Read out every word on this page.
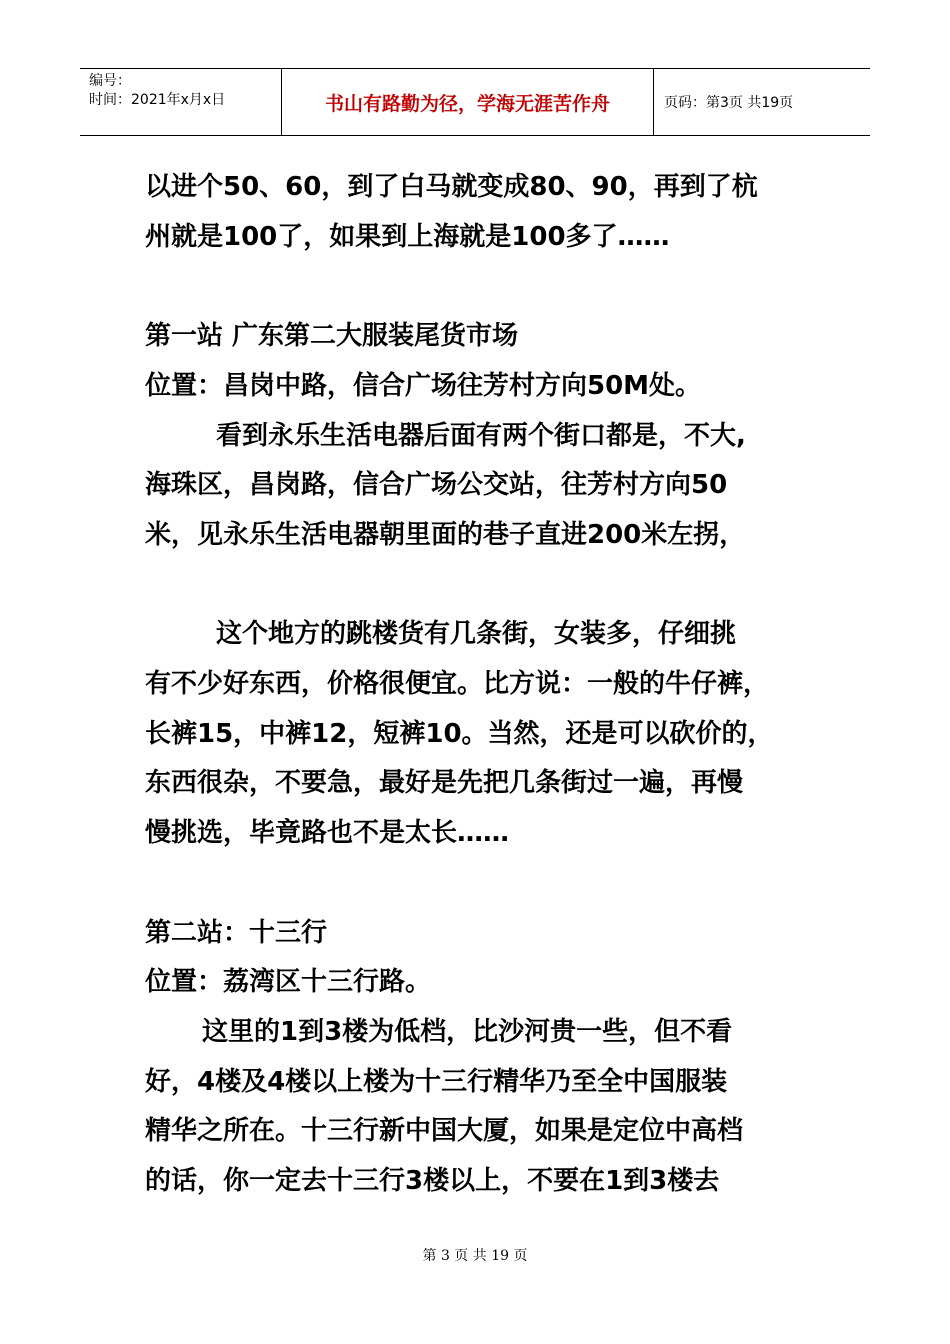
编号：
时间：2021年x月x日	书山有路勤为径，学海无涯苦作舟	页码：第3页 共19页

以进个50、60，到了白马就变成80、90，再到了杭

州就是100了，如果到上海就是100多了……

第一站 广东第二大服装尾货市场

位置：昌岗中路，信合广场往芳村方向50M处。

看到永乐生活电器后面有两个街口都是，不大,

海珠区，昌岗路，信合广场公交站，往芳村方向50

米，见永乐生活电器朝里面的巷子直进200米左拐，

这个地方的跳楼货有几条街，女装多，仔细挑

有不少好东西，价格很便宜。比方说：一般的牛仔裤，

长裤15，中裤12，短裤10。当然，还是可以砍价的，

东西很杂，不要急，最好是先把几条街过一遍，再慢

慢挑选，毕竟路也不是太长……

第二站：十三行

位置：荔湾区十三行路。

这里的1到3楼为低档，比沙河贵一些，但不看

好，4楼及4楼以上楼为十三行精华乃至全中国服装

精华之所在。十三行新中国大厦，如果是定位中高档

的话，你一定去十三行3楼以上，不要在1到3楼去

第 3 页 共 19 页
